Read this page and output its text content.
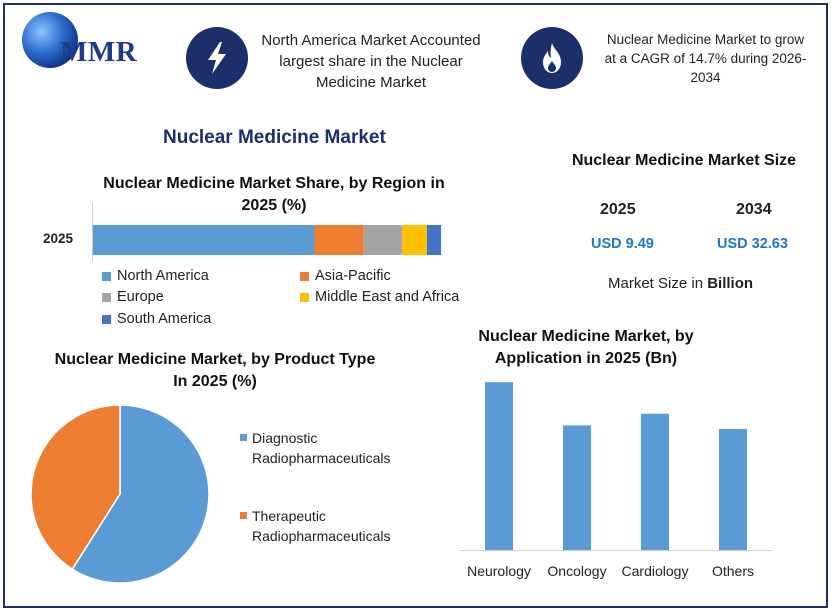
MMR	North America Market Accounted largest share in the Nuclear Medicine Market
Nuclear Medicine Market to grow at a CAGR of 14.7% during 2026-2034
Nuclear Medicine Market
Nuclear Medicine Market Size
2025	2034
USD 9.49	USD 32.63
Market Size in Billion
Nuclear Medicine Market Share, by Region in 2025 (%)
2025
North America	Asia-Pacific
Europe	Middle East and Africa
South America
Nuclear Medicine Market, by Product Type In 2025 (%)
Diagnostic
Radiopharmaceuticals
Therapeutic
Radiopharmaceuticals
Nuclear Medicine Market, by Application in 2025 (Bn)
Neurology Oncology Cardiology Others
